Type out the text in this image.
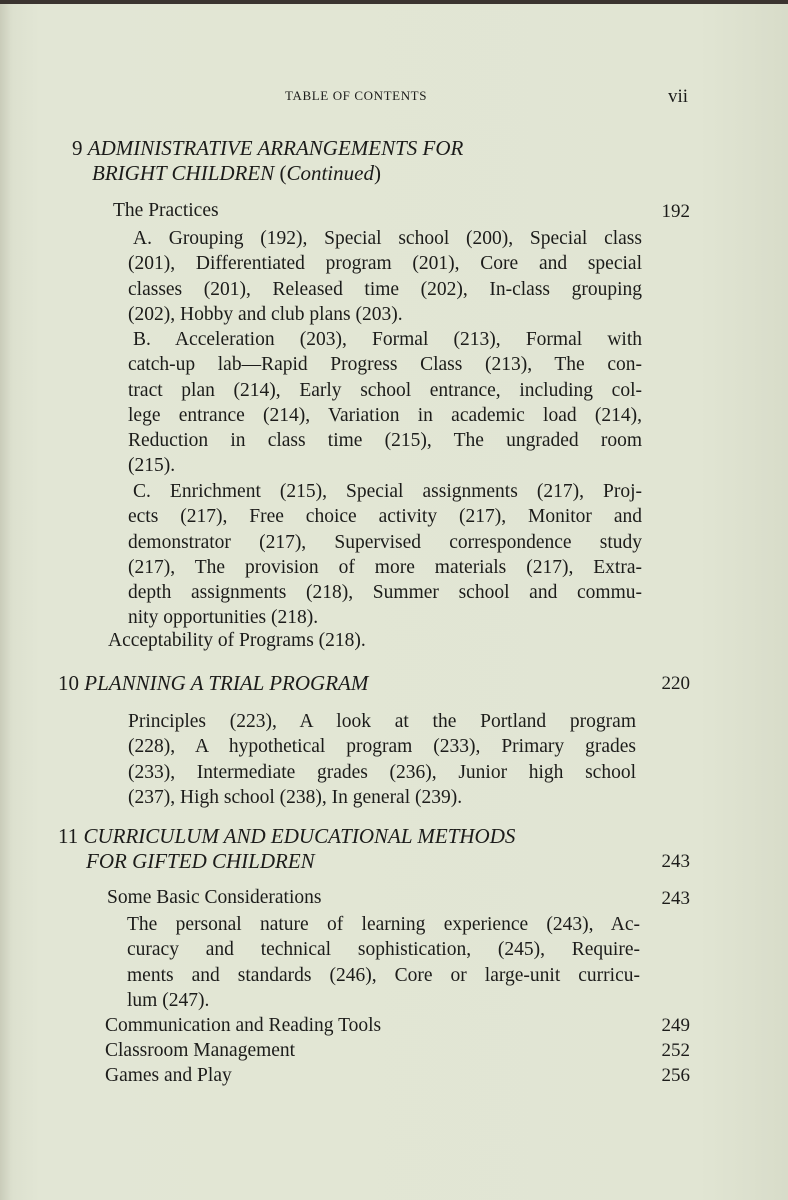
TABLE OF CONTENTS	vii
9 ADMINISTRATIVE ARRANGEMENTS FOR
BRIGHT CHILDREN (Continued)
The Practices	192
A. Grouping (192), Special school (200), Special class
(201), Differentiated program (201), Core and special
classes (201), Released time (202), In-class grouping
(202), Hobby and club plans (203).
B. Acceleration (203), Formal (213), Formal with
catch-up lab—Rapid Progress Class (213), The con-
tract plan (214), Early school entrance, including col-
lege entrance (214), Variation in academic load (214),
Reduction in class time (215), The ungraded room
(215).
C. Enrichment (215), Special assignments (217), Proj-
ects (217), Free choice activity (217), Monitor and
demonstrator (217), Supervised correspondence study
(217), The provision of more materials (217), Extra-
depth assignments (218), Summer school and commu-
nity opportunities (218).
Acceptability of Programs (218).
10 PLANNING A TRIAL PROGRAM	220
Principles (223), A look at the Portland program
(228), A hypothetical program (233), Primary grades
(233), Intermediate grades (236), Junior high school
(237), High school (238), In general (239).
11 CURRICULUM AND EDUCATIONAL METHODS
FOR GIFTED CHILDREN	243
Some Basic Considerations	243
The personal nature of learning experience (243), Ac-
curacy and technical sophistication, (245), Require-
ments and standards (246), Core or large-unit curricu-
lum (247).
Communication and Reading Tools	249
Classroom Management	252
Games and Play	256
